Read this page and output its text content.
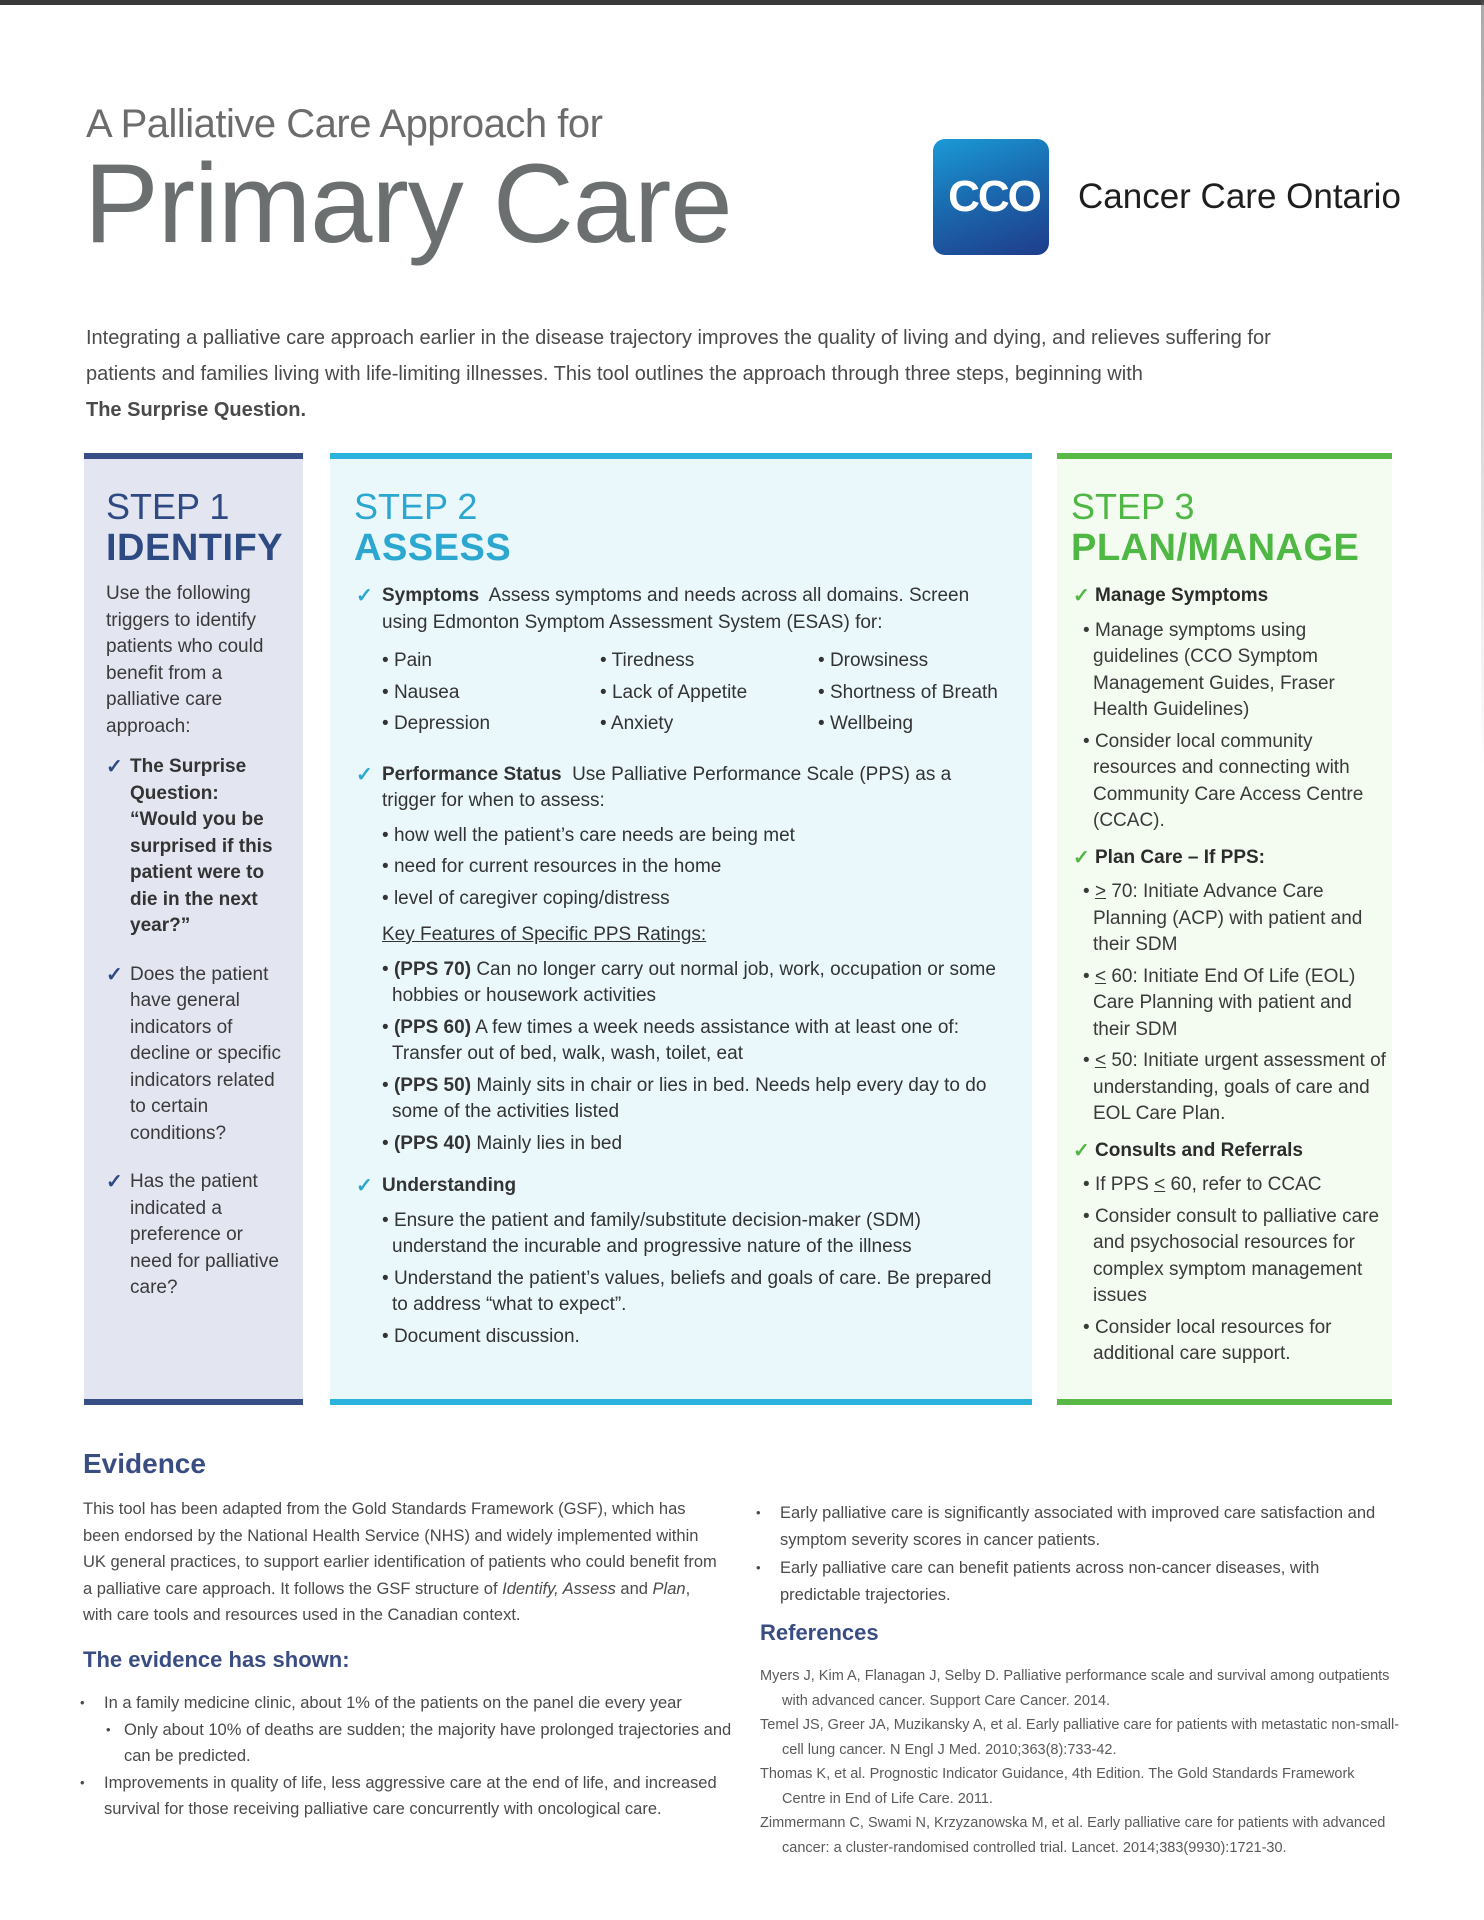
A Palliative Care Approach for
Primary Care	CCO Cancer Care Ontario
Integrating a palliative care approach earlier in the disease trajectory improves the quality of living and dying, and relieves suffering for patients and families living with life-limiting illnesses. This tool outlines the approach through three steps, beginning with
The Surprise Question.
STEP 1
IDENTIFY
Use the following triggers to identify patients who could benefit from a palliative care approach:
✓ The Surprise Question: “Would you be surprised if this patient were to die in the next year?”
✓ Does the patient have general indicators of decline or specific indicators related to certain conditions?
✓ Has the patient indicated a preference or need for palliative care?
STEP 2
ASSESS
✓ Symptoms Assess symptoms and needs across all domains. Screen using Edmonton Symptom Assessment System (ESAS) for:
• Pain	• Tiredness	• Drowsiness
• Nausea	• Lack of Appetite	• Shortness of Breath
• Depression	• Anxiety	• Wellbeing
✓ Performance Status Use Palliative Performance Scale (PPS) as a trigger for when to assess:
• how well the patient’s care needs are being met
• need for current resources in the home
• level of caregiver coping/distress
Key Features of Specific PPS Ratings:
• (PPS 70) Can no longer carry out normal job, work, occupation or some hobbies or housework activities
• (PPS 60) A few times a week needs assistance with at least one of: Transfer out of bed, walk, wash, toilet, eat
• (PPS 50) Mainly sits in chair or lies in bed. Needs help every day to do some of the activities listed
• (PPS 40) Mainly lies in bed
✓ Understanding
• Ensure the patient and family/substitute decision-maker (SDM) understand the incurable and progressive nature of the illness
• Understand the patient’s values, beliefs and goals of care. Be prepared to address “what to expect”.
• Document discussion.
STEP 3
PLAN/MANAGE
✓ Manage Symptoms
• Manage symptoms using guidelines (CCO Symptom Management Guides, Fraser Health Guidelines)
• Consider local community resources and connecting with Community Care Access Centre (CCAC).
✓ Plan Care – If PPS:
• > 70: Initiate Advance Care Planning (ACP) with patient and their SDM
• < 60: Initiate End Of Life (EOL) Care Planning with patient and their SDM
• < 50: Initiate urgent assessment of understanding, goals of care and EOL Care Plan.
✓ Consults and Referrals
• If PPS < 60, refer to CCAC
• Consider consult to palliative care and psychosocial resources for complex symptom management issues
• Consider local resources for additional care support.
Evidence
This tool has been adapted from the Gold Standards Framework (GSF), which has been endorsed by the National Health Service (NHS) and widely implemented within UK general practices, to support earlier identification of patients who could benefit from a palliative care approach. It follows the GSF structure of Identify, Assess and Plan, with care tools and resources used in the Canadian context.
The evidence has shown:
• In a family medicine clinic, about 1% of the patients on the panel die every year
• Only about 10% of deaths are sudden; the majority have prolonged trajectories and can be predicted.
• Improvements in quality of life, less aggressive care at the end of life, and increased survival for those receiving palliative care concurrently with oncological care.
• Early palliative care is significantly associated with improved care satisfaction and symptom severity scores in cancer patients.
• Early palliative care can benefit patients across non-cancer diseases, with predictable trajectories.
References
Myers J, Kim A, Flanagan J, Selby D. Palliative performance scale and survival among outpatients with advanced cancer. Support Care Cancer. 2014.
Temel JS, Greer JA, Muzikansky A, et al. Early palliative care for patients with metastatic non-small-cell lung cancer. N Engl J Med. 2010;363(8):733-42.
Thomas K, et al. Prognostic Indicator Guidance, 4th Edition. The Gold Standards Framework Centre in End of Life Care. 2011.
Zimmermann C, Swami N, Krzyzanowska M, et al. Early palliative care for patients with advanced cancer: a cluster-randomised controlled trial. Lancet. 2014;383(9930):1721-30.
